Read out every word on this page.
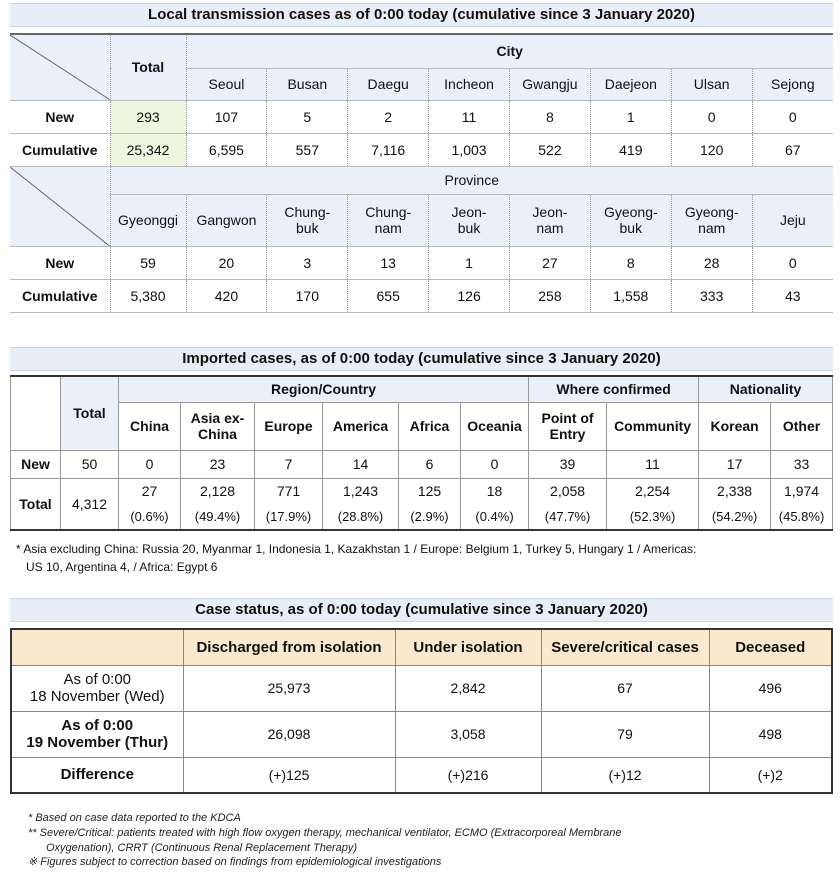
Local transmission cases as of 0:00 today (cumulative since 3 January 2020)
	Total	City							
		Seoul	Busan	Daegu	Incheon	Gwangju	Daejeon	Ulsan	Sejong
New	293	107	5	2	11	8	1	0	0
Cumulative	25,342	6,595	557	7,116	1,003	522	419	120	67

	Province								
	Gyeonggi	Gangwon	Chung-buk	Chung-nam	Jeon-buk	Jeon-nam	Gyeong-buk	Gyeong-nam	Jeju
New	59	20	3	13	1	27	8	28	0
Cumulative	5,380	420	170	655	126	258	1,558	333	43
Imported cases, as of 0:00 today (cumulative since 3 January 2020)
	Total	Region/Country						Where confirmed		Nationality	
		China	Asia ex-China	Europe	America	Africa	Oceania	Point of Entry	Community	Korean	Other
New	50	0	23	7	14	6	0	39	11	17	33
Total	4,312	27	2,128	771	1,243	125	18	2,058	2,254	2,338	1,974
		(0.6%)	(49.4%)	(17.9%)	(28.8%)	(2.9%)	(0.4%)	(47.7%)	(52.3%)	(54.2%)	(45.8%)
* Asia excluding China: Russia 20, Myanmar 1, Indonesia 1, Kazakhstan 1 / Europe: Belgium 1, Turkey 5, Hungary 1 / Americas:
US 10, Argentina 4, / Africa: Egypt 6
Case status, as of 0:00 today (cumulative since 3 January 2020)
	Discharged from isolation	Under isolation	Severe/critical cases	Deceased

As of 0:00
18 November (Wed)	25,973	2,842	67	496

As of 0:00
19 November (Thur)	26,098	3,058	79	498
Difference	(+)125	(+)216	(+)12	(+)2
* Based on case data reported to the KDCA
** Severe/Critical: patients treated with high flow oxygen therapy, mechanical ventilator, ECMO (Extracorporeal Membrane
Oxygenation), CRRT (Continuous Renal Replacement Therapy)
※ Figures subject to correction based on findings from epidemiological investigations
